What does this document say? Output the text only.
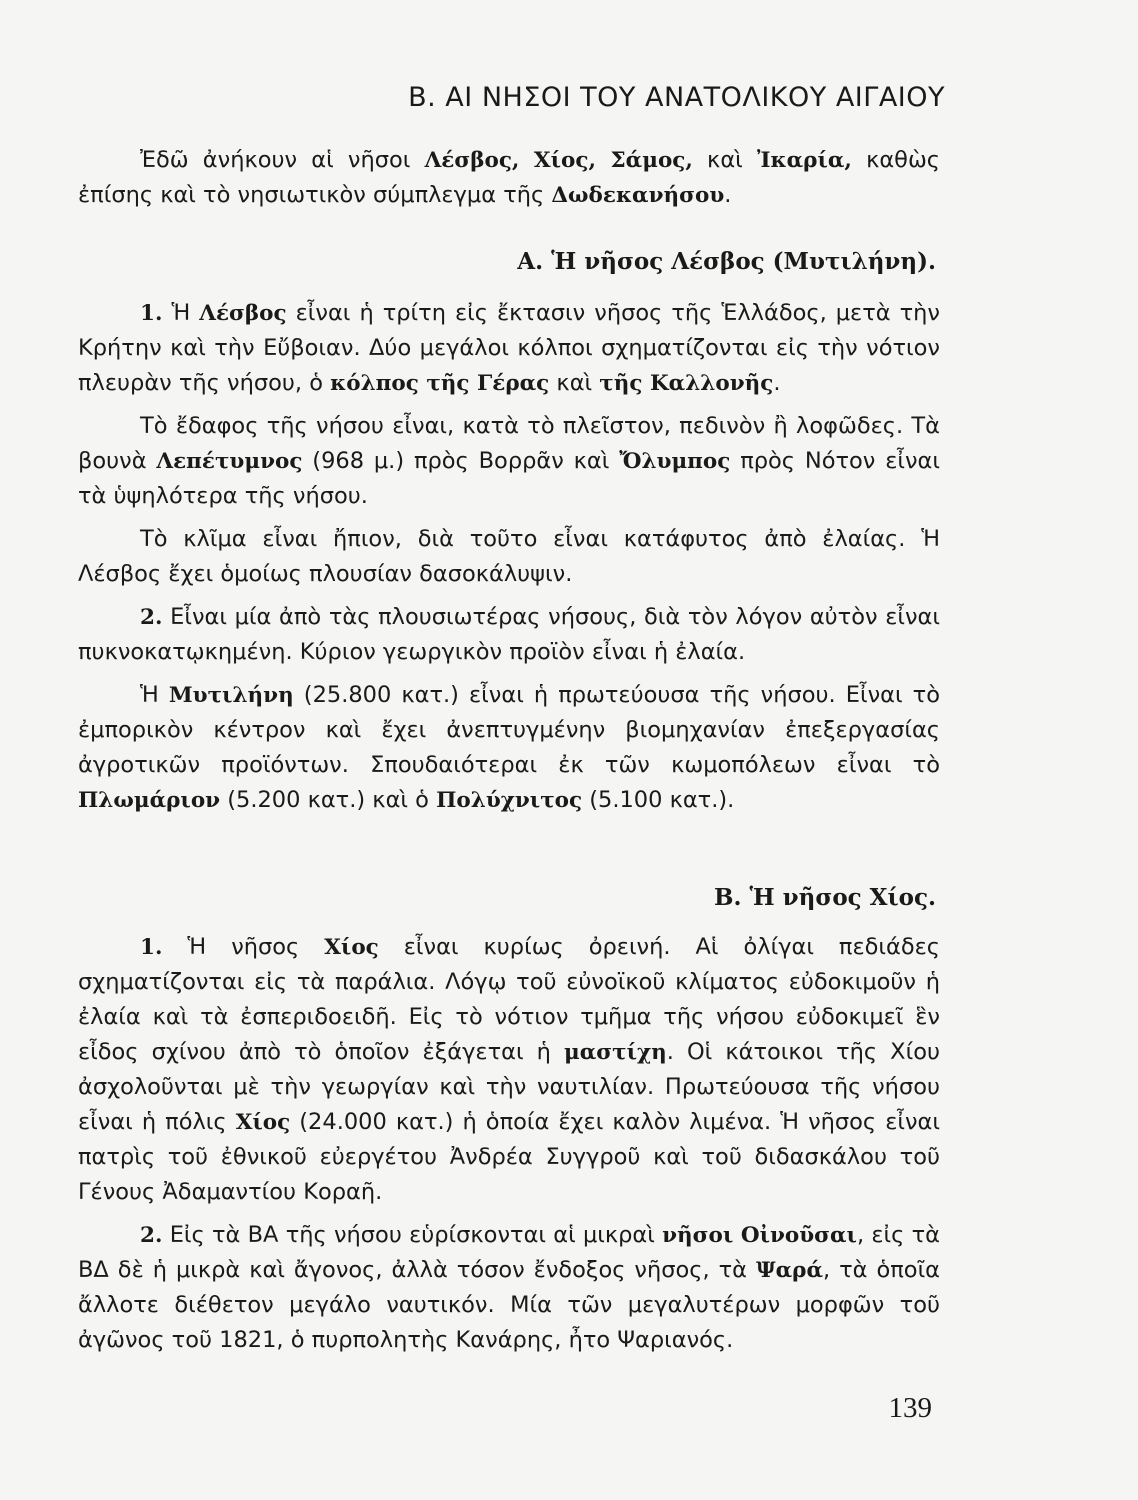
Β. ΑΙ ΝΗΣΟΙ ΤΟΥ ΑΝΑΤΟΛΙΚΟΥ ΑΙΓΑΙΟΥ

Ἐδῶ ἀνήκουν αἱ νῆσοι Λέσβος, Χίος, Σάμος, καὶ Ἰκαρία, καθὼς ἐπίσης καὶ τὸ νησιωτικὸν σύμπλεγμα τῆς Δωδεκανήσου.

Α. Ἡ νῆσος Λέσβος (Μυτιλήνη).

1. Ἡ Λέσβος εἶναι ἡ τρίτη εἰς ἔκτασιν νῆσος τῆς Ἑλλάδος, μετὰ τὴν Κρήτην καὶ τὴν Εὔβοιαν. Δύο μεγάλοι κόλποι σχηματίζονται εἰς τὴν νότιον πλευρὰν τῆς νήσου, ὁ κόλπος τῆς Γέρας καὶ τῆς Καλλονῆς.

Τὸ ἔδαφος τῆς νήσου εἶναι, κατὰ τὸ πλεῖστον, πεδινὸν ἢ λοφῶδες. Τὰ βουνὰ Λεπέτυμνος (968 μ.) πρὸς Βορρᾶν καὶ Ὄλυμπος πρὸς Νότον εἶναι τὰ ὑψηλότερα τῆς νήσου.

Τὸ κλῖμα εἶναι ἤπιον, διὰ τοῦτο εἶναι κατάφυτος ἀπὸ ἐλαίας. Ἡ Λέσβος ἔχει ὁμοίως πλουσίαν δασοκάλυψιν.

2. Εἶναι μία ἀπὸ τὰς πλουσιωτέρας νήσους, διὰ τὸν λόγον αὐτὸν εἶναι πυκνοκατῳκημένη. Κύριον γεωργικὸν προϊὸν εἶναι ἡ ἐλαία.

Ἡ Μυτιλήνη (25.800 κατ.) εἶναι ἡ πρωτεύουσα τῆς νήσου. Εἶναι τὸ ἐμπορικὸν κέντρον καὶ ἔχει ἀνεπτυγμένην βιομηχανίαν ἐπεξεργασίας ἀγροτικῶν προϊόντων. Σπουδαιότεραι ἐκ τῶν κωμοπόλεων εἶναι τὸ Πλωμάριον (5.200 κατ.) καὶ ὁ Πολύχνιτος (5.100 κατ.).

Β. Ἡ νῆσος Χίος.

1. Ἡ νῆσος Χίος εἶναι κυρίως ὀρεινή. Αἱ ὀλίγαι πεδιάδες σχηματίζονται εἰς τὰ παράλια. Λόγῳ τοῦ εὐνοϊκοῦ κλίματος εὐδοκιμοῦν ἡ ἐλαία καὶ τὰ ἐσπεριδοειδῆ. Εἰς τὸ νότιον τμῆμα τῆς νήσου εὐδοκιμεῖ ἓν εἶδος σχίνου ἀπὸ τὸ ὁποῖον ἐξάγεται ἡ μαστίχη. Οἱ κάτοικοι τῆς Χίου ἀσχολοῦνται μὲ τὴν γεωργίαν καὶ τὴν ναυτιλίαν. Πρωτεύουσα τῆς νήσου εἶναι ἡ πόλις Χίος (24.000 κατ.) ἡ ὁποία ἔχει καλὸν λιμένα. Ἡ νῆσος εἶναι πατρὶς τοῦ ἐθνικοῦ εὐεργέτου Ἀνδρέα Συγγροῦ καὶ τοῦ διδασκάλου τοῦ Γένους Ἀδαμαντίου Κοραῆ.

2. Εἰς τὰ ΒΑ τῆς νήσου εὑρίσκονται αἱ μικραὶ νῆσοι Οἰνοῦσαι, εἰς τὰ ΒΔ δὲ ἡ μικρὰ καὶ ἄγονος, ἀλλὰ τόσον ἔνδοξος νῆσος, τὰ Ψαρά, τὰ ὁποῖα ἄλλοτε διέθετον μεγάλο ναυτικόν. Μία τῶν μεγαλυτέρων μορφῶν τοῦ ἀγῶνος τοῦ 1821, ὁ πυρπολητὴς Κανάρης, ἦτο Ψαριανός.

139
